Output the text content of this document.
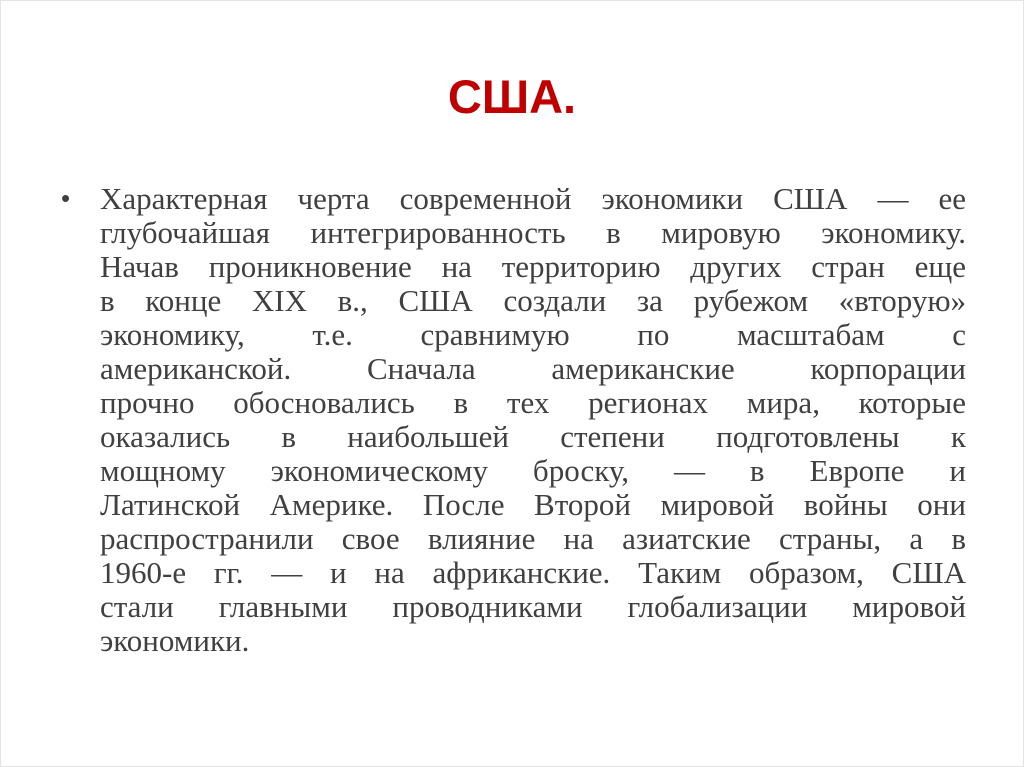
США.
• Характерная черта современной экономики США — ее
глубочайшая интегрированность в мировую экономику.
Начав проникновение на территорию других стран еще
в конце XIX в., США создали за рубежом «вторую»
экономику, т.е. сравнимую по масштабам с
американской. Сначала американские корпорации
прочно обосновались в тех регионах мира, которые
оказались в наибольшей степени подготовлены к
мощному экономическому броску, — в Европе и
Латинской Америке. После Второй мировой войны они
распространили свое влияние на азиатские страны, а в
1960-е гг. — и на африканские. Таким образом, США
стали главными проводниками глобализации мировой
экономики.
